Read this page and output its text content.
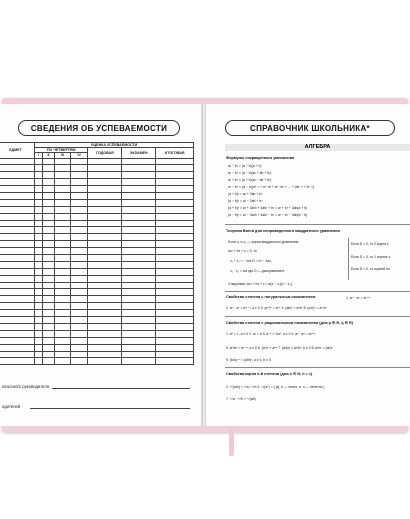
СВЕДЕНИЯ ОБ УСПЕВАЕМОСТИ
ЕДМЕТ	ОЦЕНКА УСПЕВАЕМОСТИ						
	ПО ЧЕТВЕРТЯМ				ГОДОВАЯ	ЭКЗАМЕН	ИТОГОВАЯ
	I	II	III	IV			

классного руководителя
одителей
СПРАВОЧНИК ШКОЛЬНИКА*
АЛГЕБРА
Формулы сокращенного умножения
a² − b² = (a − b)(a + b)
a³ − b³ = (a − b)(a² + ab + b²)
a³ + b³ = (a + b)(a² − ab + b²)
aⁿ − bⁿ = (a − b)(aⁿ⁻¹ + aⁿ⁻²b + aⁿ⁻³b² + … + abⁿ⁻² + bⁿ⁻¹)
(a + b)² = a² + 2ab + b²
(a − b)² = a² − 2ab + b²
(a + b)³ = a³ + 3a²b + 3ab² + b³ = a³ + b³ + 3ab(a + b)
(a − b)³ = a³ − 3a²b + 3ab² − b³ = a³ − b³ − 3ab(a − b)
Теорема Виета для неприведенного квадратного уравнения
Если x₁ и x₂ — корни квадратного уравнения
ax² + bx + c = 0, то
x₁ + x₂ = − b/a D = b² − 4ac,
x₁ · x₂ = c/a где D — дискриминант.
Следствие: ax² + bx + c = a(x − x₁)(x − x₂).
Если D > 0, то 2 корня x
Если D = 0, то 1 корень x
Если D < 0, то корней но
Свойства степени с натуральным показателем	1. aᵐ · aⁿ = aᵐ⁺ⁿ
2. aᵐ : aⁿ = aᵐ⁻ⁿ, a ≠ 0 3. (aᵐ)ⁿ = aᵐⁿ 4. (ab)ⁿ = aⁿbⁿ 5. (a:b)ⁿ = aⁿ:bⁿ
Свойства степени с рациональным показателем (для p ∈ R, q ∈ R)
1. a⁰ = 1, a ≠ 0 2. a¹ = a 3. a⁻ⁿ = 1/aⁿ, a ≠ 0 4. aᵖ · aᵠ = aᵖ⁺ᵠ
5. aᵖ/aᵠ = aᵖ⁻ᵠ, a ≠ 0 6. (aᵖ)ᵠ = aᵖᵠ 7. (a/b)ᵖ = aᵖ/bᵖ, b ≠ 0 8. aᵖbᵖ = (ab)ᵖ
9. (b/a)⁻ᵖ = (a/b)ᵖ, a ≠ 0, b ≠ 0
Свойства корня n-й степени (для n ∈ N, n > 1)
1. ⁿ√(a/b) = ⁿ√a / ⁿ√b 2. ⁿ√(aⁿ) = { |a|, n — четно; a, n — нечетно }
7. ⁿ√a · ⁿ√b = ⁿ√(ab)
